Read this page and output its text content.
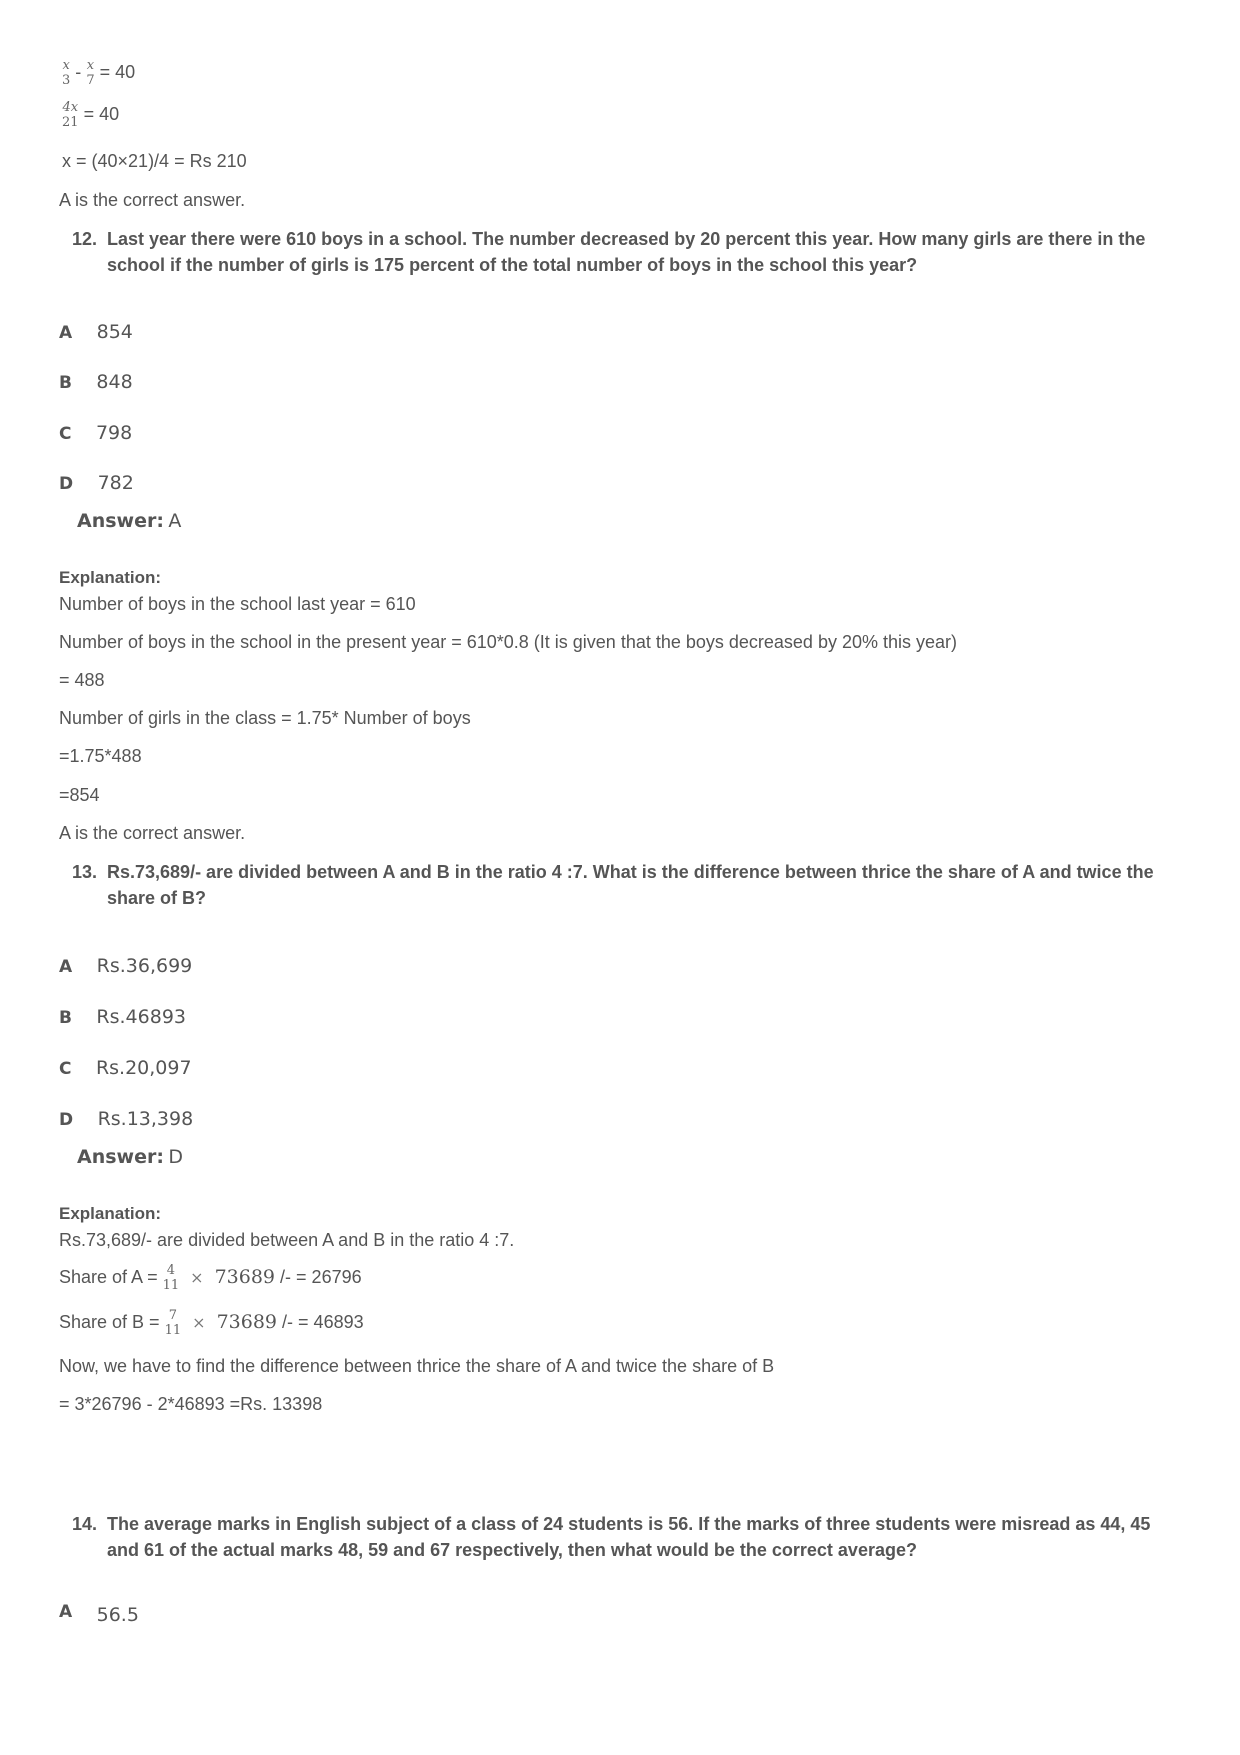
x
3 - x
7 = 40
4x
21 = 40
x = (40×21)/4 = Rs 210
A is the correct answer.
12. Last year there were 610 boys in a school. The number decreased by 20 percent this year. How many girls are there in the school if the number of girls is 175 percent of the total number of boys in the school this year?
A 854
B 848
C 798
D 782
Answer: A
Explanation:
Number of boys in the school last year = 610
Number of boys in the school in the present year = 610*0.8 (It is given that the boys decreased by 20% this year)
= 488
Number of girls in the class = 1.75* Number of boys
=1.75*488
=854
A is the correct answer.
13. Rs.73,689/- are divided between A and B in the ratio 4 :7. What is the difference between thrice the share of A and twice the share of B?
A Rs.36,699
B Rs.46893
C Rs.20,097
D Rs.13,398
Answer: D
Explanation:
Rs.73,689/- are divided between A and B in the ratio 4 :7.
Share of A = 4
11 × 73689 /- = 26796
Share of B = 7
11 × 73689 /- = 46893
Now, we have to find the difference between thrice the share of A and twice the share of B
= 3*26796 - 2*46893 =Rs. 13398
14. The average marks in English subject of a class of 24 students is 56. If the marks of three students were misread as 44, 45 and 61 of the actual marks 48, 59 and 67 respectively, then what would be the correct average?
A 56.5
